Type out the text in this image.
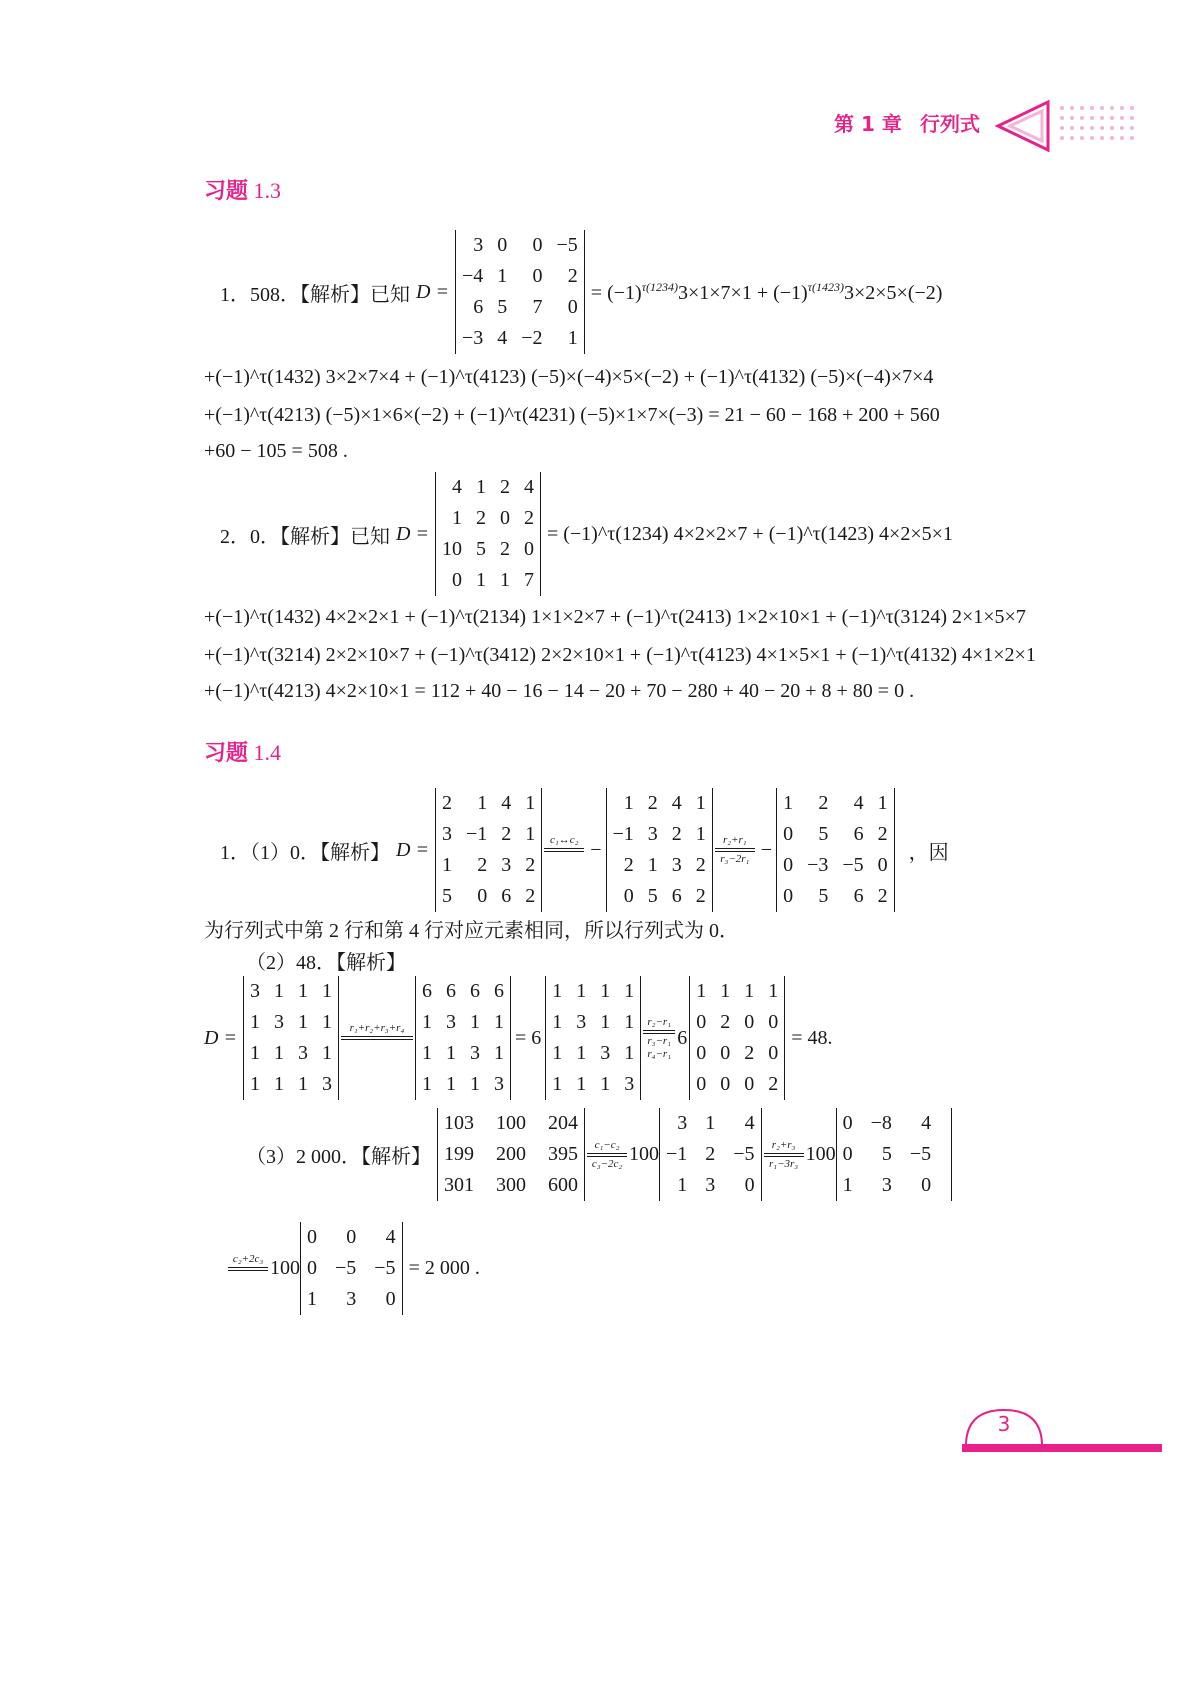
第 1 章 行列式
习题 1.3
1．508．【解析】已知 D =
3 0	0 −5
−4 1	0	2
6 5	7	0
−3 4 −2	1
= $(-1)^{\tau(1234)}3\times 1\times 7\times 1 + (-1)^{\tau(1423)}3\times 2\times 5\times(-2)$
+(−1)^τ(1432) 3×2×7×4 + (−1)^τ(4123) (−5)×(−4)×5×(−2) + (−1)^τ(4132) (−5)×(−4)×7×4
+(−1)^τ(4213) (−5)×1×6×(−2) + (−1)^τ(4231) (−5)×1×7×(−3) = 21 − 60 − 168 + 200 + 560
+60 − 105 = 508 .
2．0．【解析】已知 D =
4 1 2 4
1 2 0 2
10 5 2 0
0 1 1 7
= (−1)^τ(1234) 4×2×2×7 + (−1)^τ(1423) 4×2×5×1
+(−1)^τ(1432) 4×2×2×1 + (−1)^τ(2134) 1×1×2×7 + (−1)^τ(2413) 1×2×10×1 + (−1)^τ(3124) 2×1×5×7
+(−1)^τ(3214) 2×2×10×7 + (−1)^τ(3412) 2×2×10×1 + (−1)^τ(4123) 4×1×5×1 + (−1)^τ(4132) 4×1×2×1
+(−1)^τ(4213) 4×2×10×1 = 112 + 40 − 16 − 14 − 20 + 70 − 280 + 40 − 20 + 8 + 80 = 0 .
习题 1.4
1．（1）0．【解析】 D =
2	1 4 1
3 −1 2 1
1	2 3 2
5	0 6 2
c₁↔c₂
−
1 2 4 1
−1 3 2 1
2 1 3 2
0 5 6 2
r₂+r₁
r₃−2r₁ −
1	2	4 1
0	5	6 2
0 −3 −5 0
0	5	6 2
，因
为行列式中第 2 行和第 4 行对应元素相同，所以行列式为 0．
（2）48．【解析】
D =
3 1 1 1
1 3 1 1
1 1 3 1
1 1 1 3
r₁+r₂+r₃+r₄

6 6 6 6
1 3 1 1
1 1 3 1
1 1 1 3
= 6
1 1 1 1
1 3 1 1
1 1 3 1
1 1 1 3
r₂−r₁
r₃−r₁
r₄−r₁
6
1 1 1 1
0 2 0 0
0 0 2 0
0 0 0 2
= 48.
（3）2 000．【解析】
103 100 204
199 200 395
301 300 600
c₁−c₂
c₃−2c₂ 100
3 1	4
−1 2 −5
1 3	0
r₂+r₃
r₁−3r₃ 100
0 −8	4
0	5 −5
1	3	0
c₂+2c₃
100
0	0	4
0 −5 −5
1	3	0
= 2 000 .
3
